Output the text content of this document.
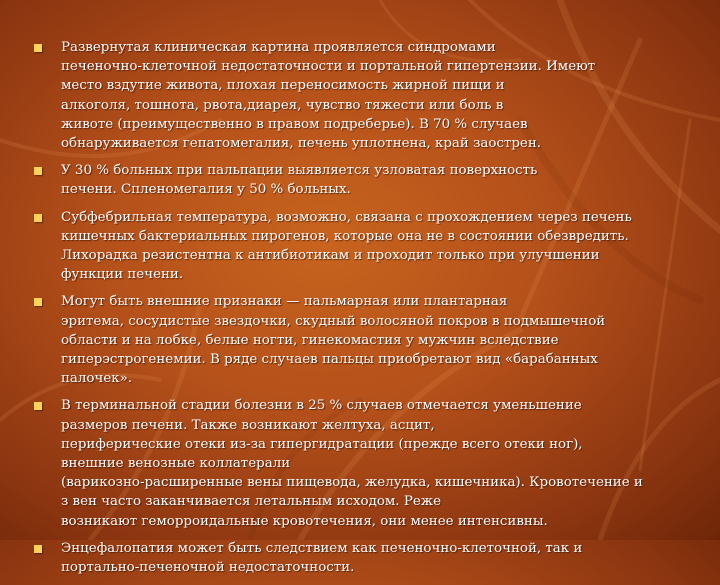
Развернутая клиническая картина проявляется синдромами
печеночно-клеточной недостаточности и портальной гипертензии. Имеют
место вздутие живота, плохая переносимость жирной пищи и
алкоголя, тошнота, рвота,диарея, чувство тяжести или боль в
животе (преимущественно в правом подреберье). В 70 % случаев
обнаруживается гепатомегалия, печень уплотнена, край заострен.
У 30 % больных при пальпации выявляется узловатая поверхность
печени. Спленомегалия у 50 % больных.
Субфебрильная температура, возможно, связана с прохождением через печень
кишечных бактериальных пирогенов, которые она не в состоянии обезвредить.
Лихорадка резистентна к антибиотикам и проходит только при улучшении
функции печени.
Могут быть внешние признаки — пальмарная или плантарная
эритема, сосудистые звездочки, скудный волосяной покров в подмышечной
области и на лобке, белые ногти, гинекомастия у мужчин вследствие
гиперэстрогенемии. В ряде случаев пальцы приобретают вид «барабанных
палочек».
В терминальной стадии болезни в 25 % случаев отмечается уменьшение
размеров печени. Также возникают желтуха, асцит,
периферические отеки из-за гипергидратации (прежде всего отеки ног),
внешние венозные коллатерали
(варикозно-расширенные вены пищевода, желудка, кишечника). Кровотечение и
з вен часто заканчивается летальным исходом. Реже
возникают геморроидальные кровотечения, они менее интенсивны.
Энцефалопатия может быть следствием как печеночно-клеточной, так и
портально-печеночной недостаточности.
